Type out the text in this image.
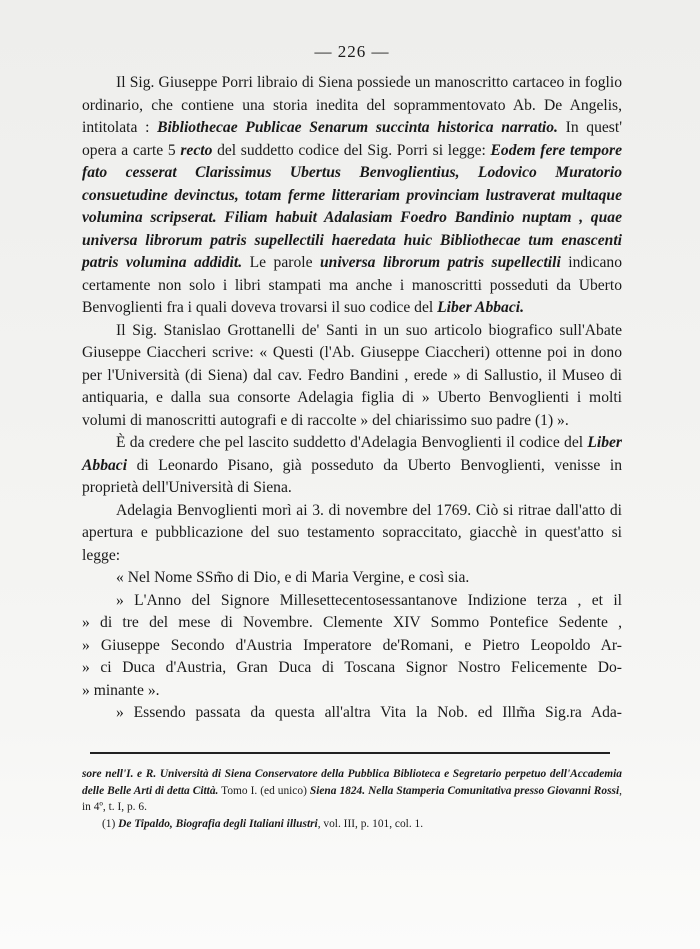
— 226 —

Il Sig. Giuseppe Porri libraio di Siena possiede un manoscritto cartaceo in foglio ordinario, che contiene una storia inedita del soprammentovato Ab. De Angelis, intitolata : Bibliothecae Publicae Senarum succinta historica narratio. In quest' opera a carte 5 recto del suddetto codice del Sig. Porri si legge: Eodem fere tempore fato cesserat Clarissimus Ubertus Benvoglientius, Lodovico Muratorio consuetudine devinctus, totam ferme litterariam provinciam lustraverat multaque volumina scripserat. Filiam habuit Adalasiam Foedro Bandinio nuptam , quae universa librorum patris supellectili haeredata huic Bibliothecae tum enascenti patris volumina addidit. Le parole universa librorum patris supellectili indicano certamente non solo i libri stampati ma anche i manoscritti posseduti da Uberto Benvoglienti fra i quali doveva trovarsi il suo codice del Liber Abbaci.

Il Sig. Stanislao Grottanelli de' Santi in un suo articolo biografico sull'Abate Giuseppe Ciaccheri scrive: « Questi (l'Ab. Giuseppe Ciaccheri) ottenne poi in dono per l'Università (di Siena) dal cav. Fedro Bandini , erede » di Sallustio, il Museo di antiquaria, e dalla sua consorte Adelagia figlia di » Uberto Benvoglienti i molti volumi di manoscritti autografi e di raccolte » del chiarissimo suo padre (1) ».

È da credere che pel lascito suddetto d'Adelagia Benvoglienti il codice del Liber Abbaci di Leonardo Pisano, già posseduto da Uberto Benvoglienti, venisse in proprietà dell'Università di Siena.

Adelagia Benvoglienti morì ai 3. di novembre del 1769. Ciò si ritrae dall'atto di apertura e pubblicazione del suo testamento sopraccitato, giacchè in quest'atto si legge:

« Nel Nome SSm̃o di Dio, e di Maria Vergine, e così sia.

» L'Anno del Signore Millesettecentosessantanove Indizione terza , et il

» di tre del mese di Novembre. Clemente XIV Sommo Pontefice Sedente ,

» Giuseppe Secondo d'Austria Imperatore de'Romani, e Pietro Leopoldo Ar-

» ci Duca d'Austria, Gran Duca di Toscana Signor Nostro Felicemente Do-

» minante ».

» Essendo passata da questa all'altra Vita la Nob. ed Illm̃a Sig.ra Ada-

sore nell'I. e R. Università di Siena Conservatore della Pubblica Biblioteca e Segretario perpetuo dell'Accademia delle Belle Arti di detta Città. Tomo I. (ed unico) Siena 1824. Nella Stamperia Comunitativa presso Giovanni Rossi, in 4º, t. I, p. 6.

(1) De Tipaldo, Biografia degli Italiani illustri, vol. III, p. 101, col. 1.
